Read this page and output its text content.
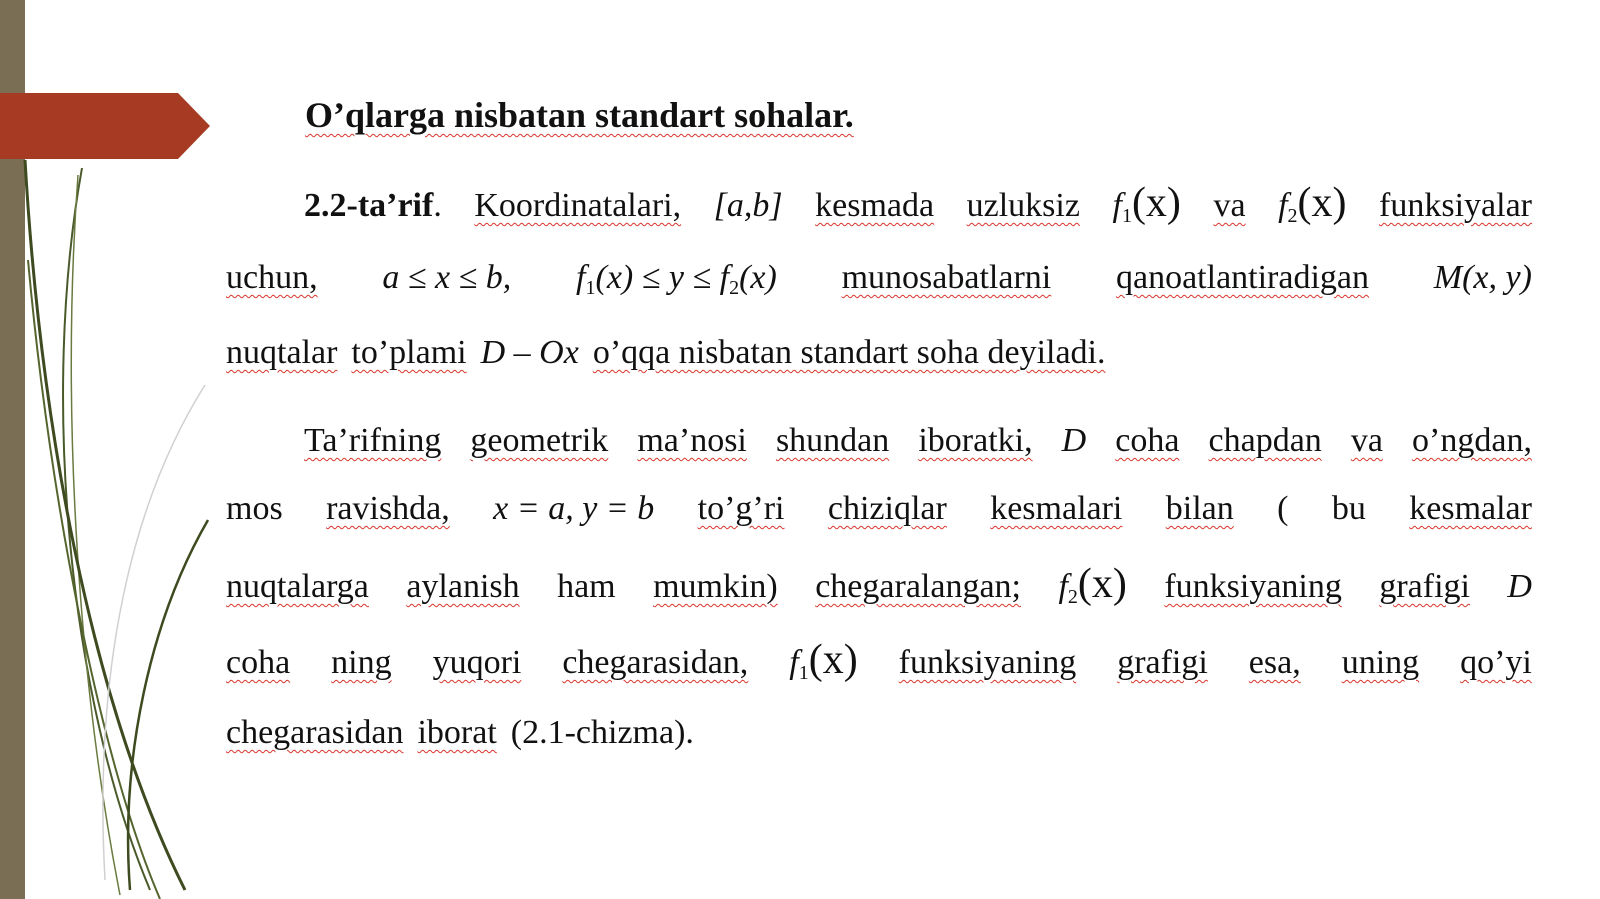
O’qlarga nisbatan standart sohalar.
2.2-ta’rif. Koordinatalari, [a,b] kesmada uzluksiz $f_1(x)$ va $f_2(x)$ funksiyalar
uchun, a ≤ x ≤ b, $f_1(x) \le y \le f_2(x)$ munosabatlarni qanoatlantiradigan M(x, y)
nuqtalar to’plami D – Ox o’qqa nisbatan standart soha deyiladi.
Ta’rifning geometrik ma’nosi shundan iboratki, D coha chapdan va o’ngdan,
mos ravishda, x = a, y = b to’g’ri chiziqlar kesmalari bilan ( bu kesmalar
nuqtalarga aylanish ham mumkin) chegaralangan; $f_2(x)$ funksiyaning grafigi D
coha ning yuqori chegarasidan, $f_1(x)$ funksiyaning grafigi esa, uning qo’yi
chegarasidan iborat (2.1-chizma).
